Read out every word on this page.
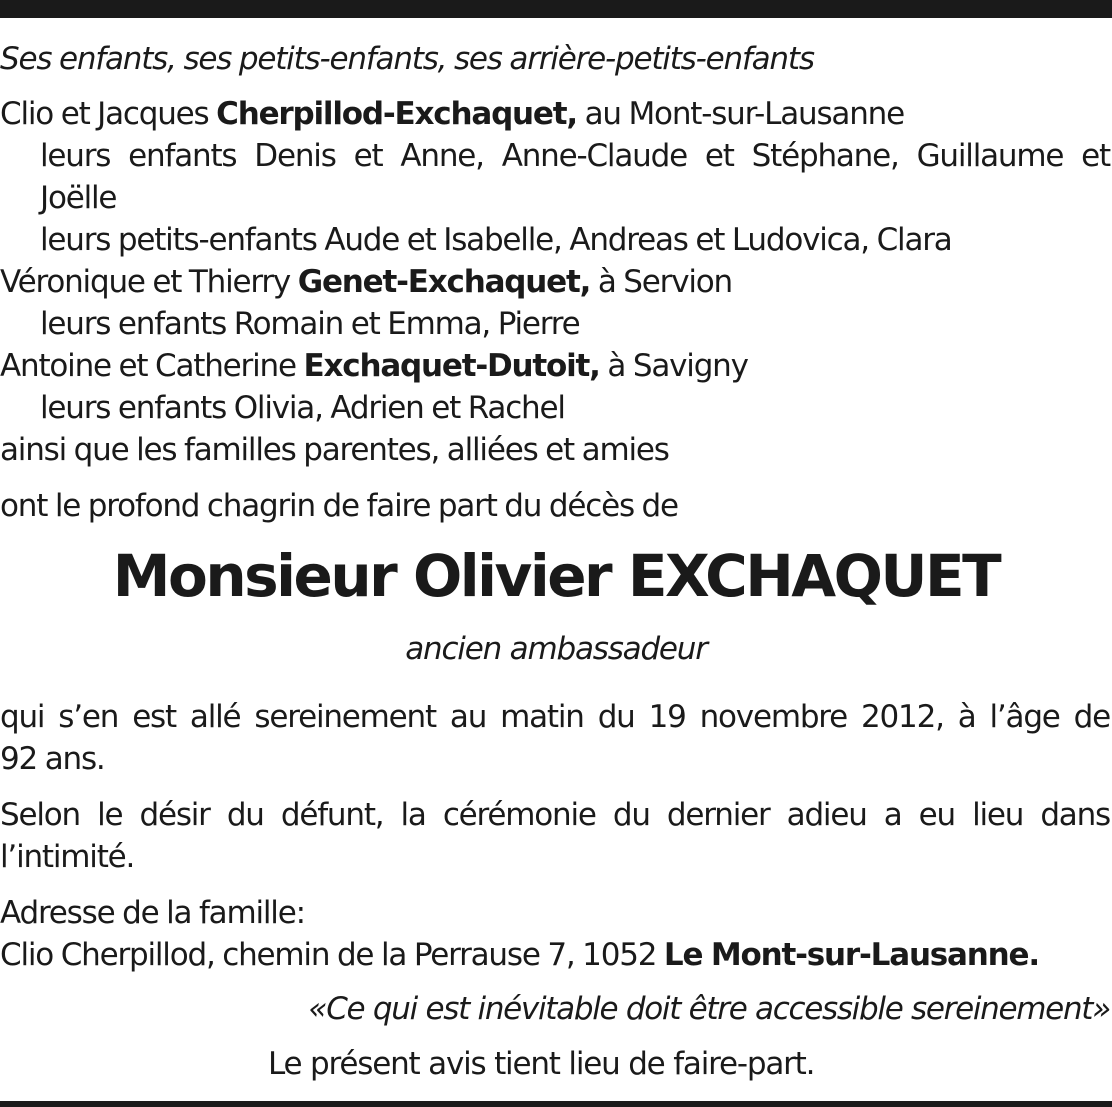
Ses enfants, ses petits-enfants, ses arrière-petits-enfants
Clio et Jacques Cherpillod-Exchaquet, au Mont-sur-Lausanne
leurs enfants Denis et Anne, Anne-Claude et Stéphane, Guillaume et
Joëlle
leurs petits-enfants Aude et Isabelle, Andreas et Ludovica, Clara
Véronique et Thierry Genet-Exchaquet, à Servion
leurs enfants Romain et Emma, Pierre
Antoine et Catherine Exchaquet-Dutoit, à Savigny
leurs enfants Olivia, Adrien et Rachel
ainsi que les familles parentes, alliées et amies
ont le profond chagrin de faire part du décès de
Monsieur Olivier EXCHAQUET
ancien ambassadeur
qui s’en est allé sereinement au matin du 19 novembre 2012, à l’âge de
92 ans.
Selon le désir du défunt, la cérémonie du dernier adieu a eu lieu dans
l’intimité.
Adresse de la famille:
Clio Cherpillod, chemin de la Perrause 7, 1052 Le Mont-sur-Lausanne.
«Ce qui est inévitable doit être accessible sereinement»
Le présent avis tient lieu de faire-part.
